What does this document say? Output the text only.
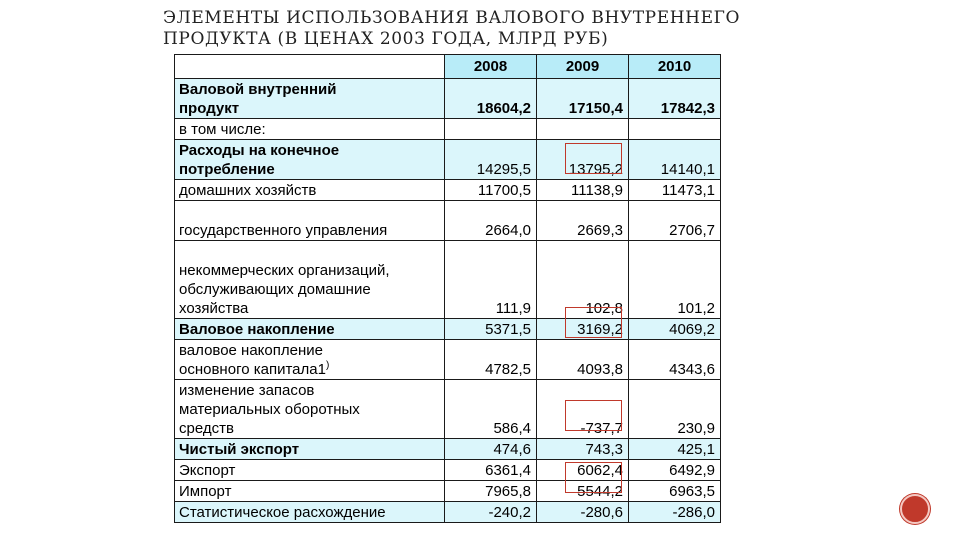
ЭЛЕМЕНТЫ ИСПОЛЬЗОВАНИЯ ВАЛОВОГО ВНУТРЕННЕГО
ПРОДУКТА (В ЦЕНАХ 2003 ГОДА, МЛРД РУБ)
	2008	2009	2010

Валовой внутренний
продукт	18604,2	17150,4	17842,3

в том числе:			

Расходы на конечное
потребление	14295,5	13795,2	14140,1

домашних хозяйств	11700,5	11138,9	11473,1

государственного управления	2664,0	2669,3	2706,7

некоммерческих организаций,
обслуживающих домашние
хозяйства	111,9	102,8	101,2

Валовое накопление	5371,5	3169,2	4069,2

валовое накопление
основного капитала1)	4782,5	4093,8	4343,6

изменение запасов
материальных оборотных
средств	586,4	-737,7	230,9

Чистый экспорт	474,6	743,3	425,1

Экспорт	6361,4	6062,4	6492,9

Импорт	7965,8	5544,2	6963,5

Статистическое расхождение	-240,2	-280,6	-286,0
